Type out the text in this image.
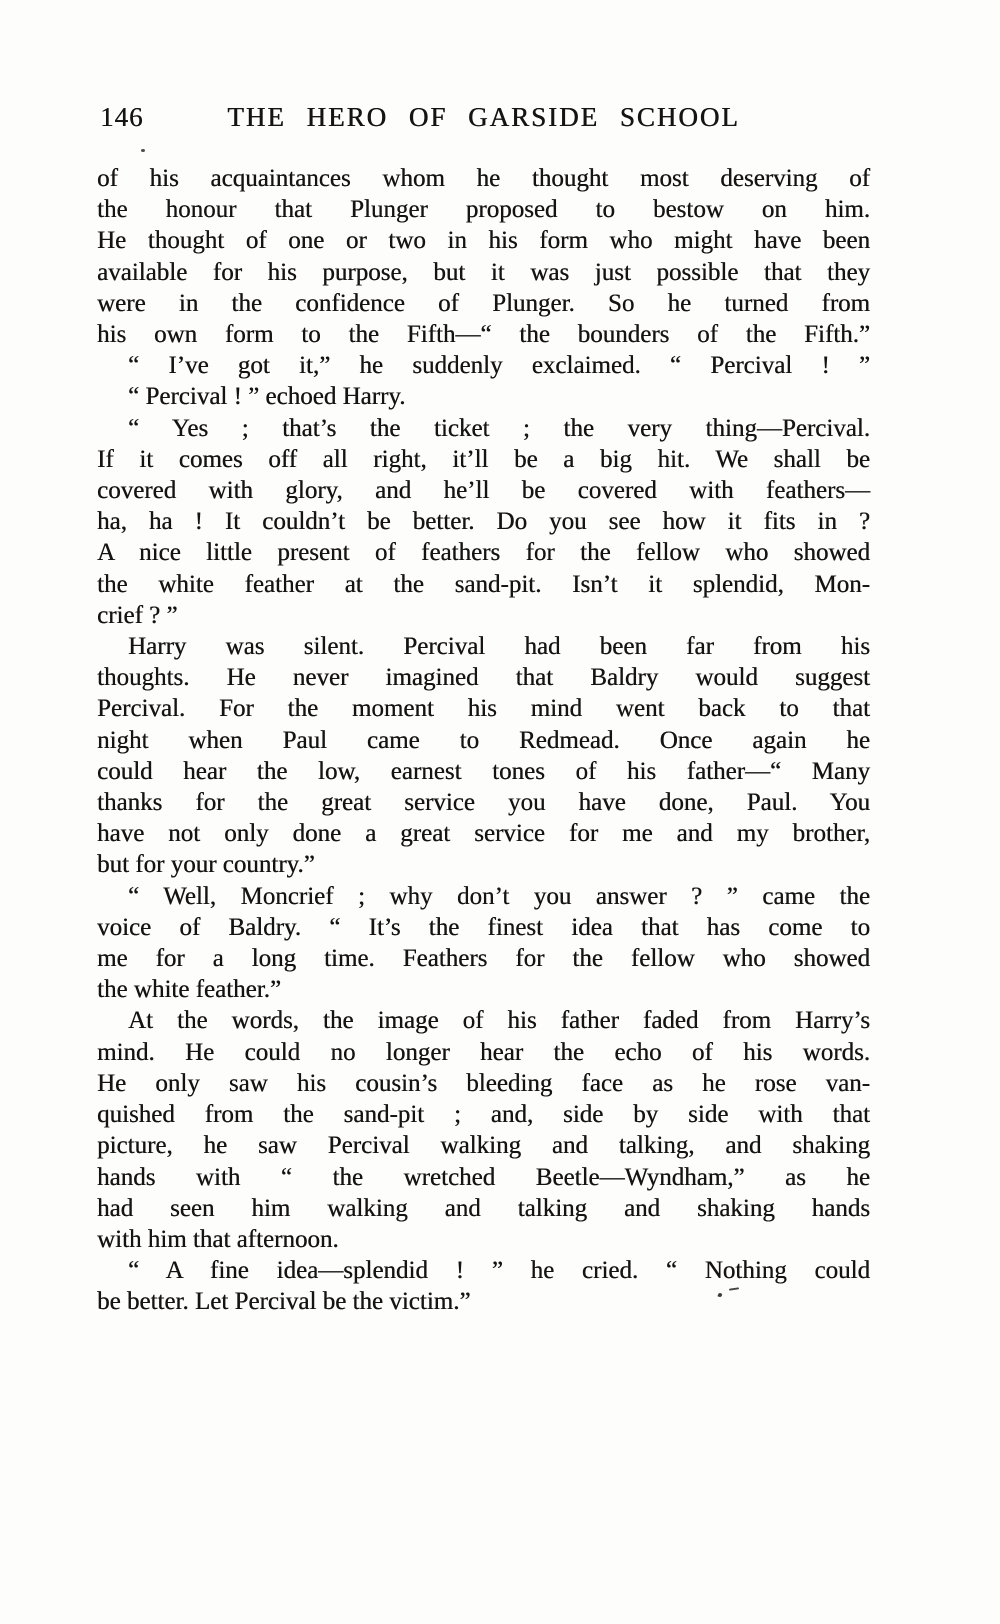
146	THE HERO OF GARSIDE SCHOOL
of his acquaintances whom he thought most deserving of
the honour that Plunger proposed to bestow on him.
He thought of one or two in his form who might have been
available for his purpose, but it was just possible that they
were in the confidence of Plunger. So he turned from
his own form to the Fifth—“ the bounders of the Fifth.”
“ I’ve got it,” he suddenly exclaimed. “ Percival ! ”
“ Percival ! ” echoed Harry.
“ Yes ; that’s the ticket ; the very thing—Percival.
If it comes off all right, it’ll be a big hit. We shall be
covered with glory, and he’ll be covered with feathers—
ha, ha ! It couldn’t be better. Do you see how it fits in ?
A nice little present of feathers for the fellow who showed
the white feather at the sand-pit. Isn’t it splendid, Mon-
crief ? ”
Harry was silent. Percival had been far from his
thoughts. He never imagined that Baldry would suggest
Percival. For the moment his mind went back to that
night when Paul came to Redmead. Once again he
could hear the low, earnest tones of his father—“ Many
thanks for the great service you have done, Paul. You
have not only done a great service for me and my brother,
but for your country.”
“ Well, Moncrief ; why don’t you answer ? ” came the
voice of Baldry. “ It’s the finest idea that has come to
me for a long time. Feathers for the fellow who showed
the white feather.”
At the words, the image of his father faded from Harry’s
mind. He could no longer hear the echo of his words.
He only saw his cousin’s bleeding face as he rose van-
quished from the sand-pit ; and, side by side with that
picture, he saw Percival walking and talking, and shaking
hands with “ the wretched Beetle—Wyndham,” as he
had seen him walking and talking and shaking hands
with him that afternoon.
“ A fine idea—splendid ! ” he cried. “ Nothing could
be better. Let Percival be the victim.”
